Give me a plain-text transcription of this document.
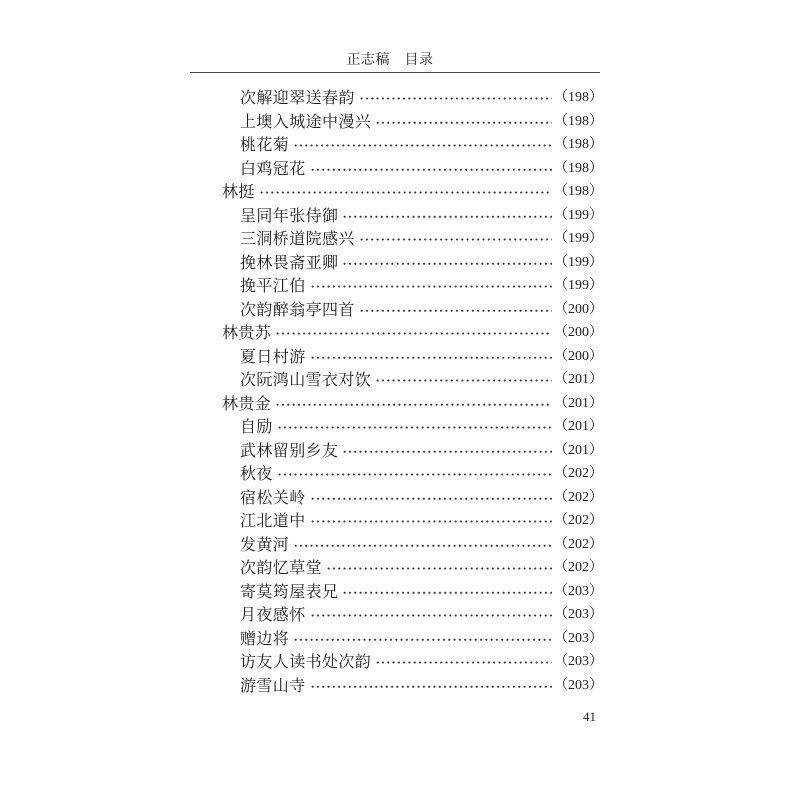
正志稿　目录
次解迎翠送春韵	（198）
上墺入城途中漫兴	（198）
桃花菊	（198）
白鸡冠花	（198）
林挺	（198）
呈同年张侍御	（199）
三洞桥道院感兴	（199）
挽林畏斋亚卿	（199）
挽平江伯	（199）
次韵醉翁亭四首	（200）
林贵苏	（200）
夏日村游	（200）
次阮鸿山雪衣对饮	（201）
林贵金	（201）
自励	（201）
武林留别乡友	（201）
秋夜	（202）
宿松关岭	（202）
江北道中	（202）
发黄河	（202）
次韵忆草堂	（202）
寄莫筠屋表兄	（203）
月夜感怀	（203）
赠边将	（203）
访友人读书处次韵	（203）
游雪山寺	（203）
41
